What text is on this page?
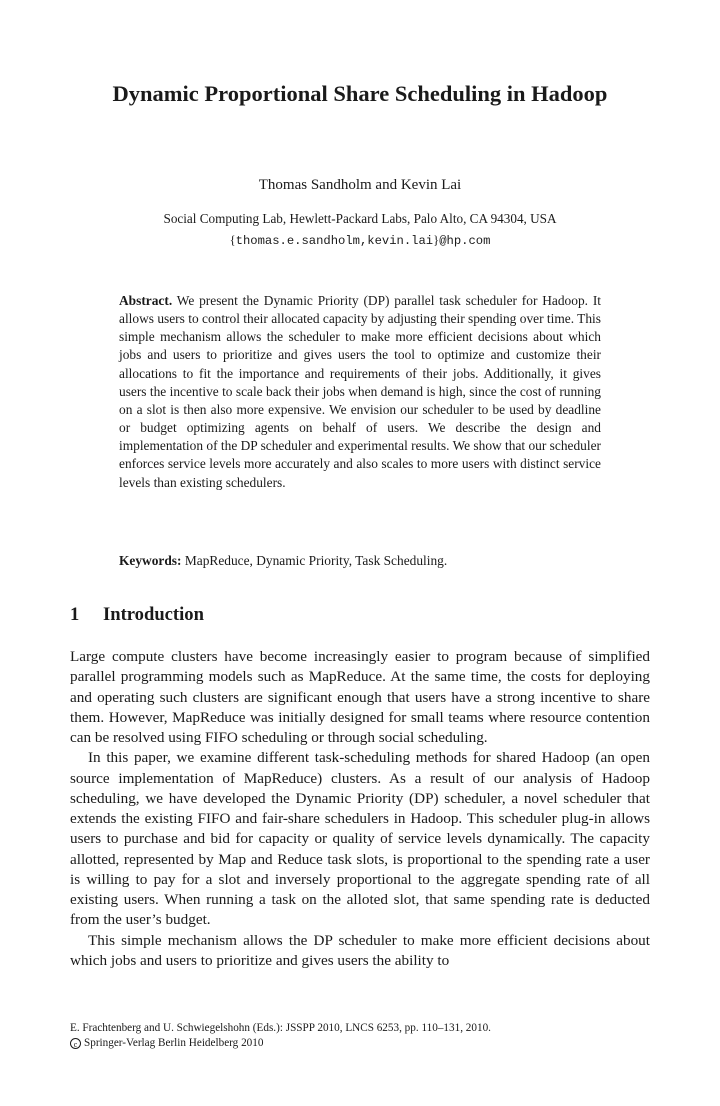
Dynamic Proportional Share Scheduling in Hadoop
Thomas Sandholm and Kevin Lai
Social Computing Lab, Hewlett-Packard Labs, Palo Alto, CA 94304, USA
{thomas.e.sandholm,kevin.lai}@hp.com

Abstract. We present the Dynamic Priority (DP) parallel task scheduler for Hadoop. It allows users to control their allocated capacity by adjusting their spending over time. This simple mechanism allows the scheduler to make more efficient decisions about which jobs and users to prioritize and gives users the tool to optimize and customize their allocations to fit the importance and requirements of their jobs. Additionally, it gives users the incentive to scale back their jobs when demand is high, since the cost of running on a slot is then also more expensive. We envision our scheduler to be used by deadline or budget optimizing agents on behalf of users. We describe the design and implementation of the DP scheduler and experimental results. We show that our scheduler enforces service levels more accurately and also scales to more users with distinct service levels than existing schedulers.

Keywords: MapReduce, Dynamic Priority, Task Scheduling.

1 Introduction

Large compute clusters have become increasingly easier to program because of simplified parallel programming models such as MapReduce. At the same time, the costs for deploying and operating such clusters are significant enough that users have a strong incentive to share them. However, MapReduce was initially designed for small teams where resource contention can be resolved using FIFO scheduling or through social scheduling.

In this paper, we examine different task-scheduling methods for shared Hadoop (an open source implementation of MapReduce) clusters. As a result of our analysis of Hadoop scheduling, we have developed the Dynamic Priority (DP) scheduler, a novel scheduler that extends the existing FIFO and fair-share schedulers in Hadoop. This scheduler plug-in allows users to purchase and bid for capacity or quality of service levels dynamically. The capacity allotted, represented by Map and Reduce task slots, is proportional to the spending rate a user is willing to pay for a slot and inversely proportional to the aggregate spending rate of all existing users. When running a task on the alloted slot, that same spending rate is deducted from the user’s budget.

This simple mechanism allows the DP scheduler to make more efficient decisions about which jobs and users to prioritize and gives users the ability to

E. Frachtenberg and U. Schwiegelshohn (Eds.): JSSPP 2010, LNCS 6253, pp. 110–131, 2010.
c Springer-Verlag Berlin Heidelberg 2010
